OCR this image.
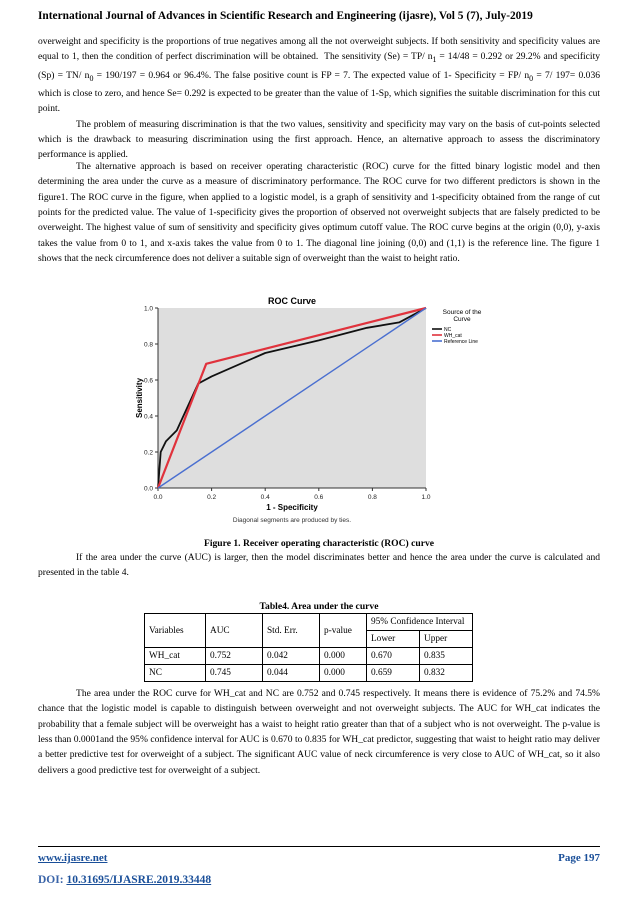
International Journal of Advances in Scientific Research and Engineering (ijasre), Vol 5 (7), July-2019

overweight and specificity is the proportions of true negatives among all the not overweight subjects. If both sensitivity and specificity values are equal to 1, then the condition of perfect discrimination will be obtained.  The sensitivity (Se) = TP/ $n_1 = 14/48 = 0.292$ or 29.2% and specificity (Sp) = TN/ $n_0 = 190/197 = 0.964$ or 96.4%. The false positive count is FP = 7. The expected value of 1- Specificity = FP/ $n_0 = 7/$ 197= 0.036 which is close to zero, and hence Se= 0.292 is expected to be greater than the value of 1-Sp, which signifies the suitable discrimination for this cut point.

The problem of measuring discrimination is that the two values, sensitivity and specificity may vary on the basis of cut-points selected which is the drawback to measuring discrimination using the first approach. Hence, an alternative approach to assess the discriminatory performance is applied.

The alternative approach is based on receiver operating characteristic (ROC) curve for the fitted binary logistic model and then determining the area under the curve as a measure of discriminatory performance. The ROC curve for two different predictors is shown in the figure1. The ROC curve in the figure, when applied to a logistic model, is a graph of sensitivity and 1-specificity obtained from the range of cut points for the predicted value. The value of 1-specificity gives the proportion of observed not overweight subjects that are falsely predicted to be overweight. The highest value of sum of sensitivity and specificity gives optimum cutoff value. The ROC curve begins at the origin (0,0), y-axis takes the value from 0 to 1, and x-axis takes the value from 0 to 1. The diagonal line joining (0,0) and (1,1) is the reference line. The figure 1 shows that the neck circumference does not deliver a suitable sign of overweight than the waist to height ratio.

0.0
0.0
0.2
0.2
0.4
0.4
0.6
0.6
0.8
0.8
1.0
1.0
ROC Curve
1 - Specificity
Sensitivity
Diagonal segments are produced by ties.
Source of the
Curve
NC
WH_cat
Reference Line
Figure 1. Receiver operating characteristic (ROC) curve

If the area under the curve (AUC) is larger, then the model discriminates better and hence the area under the curve is calculated and presented in the table 4.

Table4. Area under the curve
Variables	AUC	Std. Err.	p-value	95% Confidence Interval	
				Lower	Upper
WH_cat	0.752	0.042	0.000	0.670	0.835
NC	0.745	0.044	0.000	0.659	0.832

The area under the ROC curve for WH_cat and NC are 0.752 and 0.745 respectively. It means there is evidence of 75.2% and 74.5% chance that the logistic model is capable to distinguish between overweight and not overweight subjects. The AUC for WH_cat indicates the probability that a female subject will be overweight has a waist to height ratio greater than that of a subject who is not overweight. The p-value is less than 0.0001and the 95% confidence interval for AUC is 0.670 to 0.835 for WH_cat predictor, suggesting that waist to height ratio may deliver a better predictive test for overweight of a subject. The significant AUC value of neck circumference is very close to AUC of WH_cat, so it also delivers a good predictive test for overweight of a subject.

www.ijasre.net	Page 197
DOI: 10.31695/IJASRE.2019.33448
